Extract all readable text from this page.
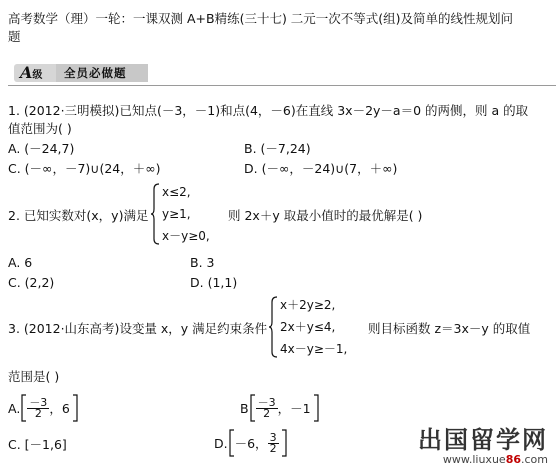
高考数学（理）一轮：一课双测 A+B精练(三十七) 二元一次不等式(组)及简单的线性规划问
题
A级	全员必做题
1. (2012·三明模拟)已知点(－3，－1)和点(4，－6)在直线 3x－2y－a＝0 的两侧，则 a 的取
值范围为( )
A. (－24,7)	B. (－7,24)
C. (－∞，－7)∪(24，＋∞)	D. (－∞，－24)∪(7，＋∞)
2. 已知实数对(x，y)满足
x≤2,
y≥1,
x－y≥0,
则 2x＋y 取最小值时的最优解是( )
A. 6	B. 3
C. (2,2)	D. (1,1)
3. (2012·山东高考)设变量 x，y 满足约束条件
x＋2y≥2,
2x＋y≤4,
4x－y≥－1,
则目标函数 z＝3x－y 的取值
范围是( )
A. $\frac{-3}{2}$ ，6	B $\frac{-3}{2}$ ，－1
C. [－1,6]	D. －6， $\frac{3}{2}$	出国留学网
www.liuxue86.com
